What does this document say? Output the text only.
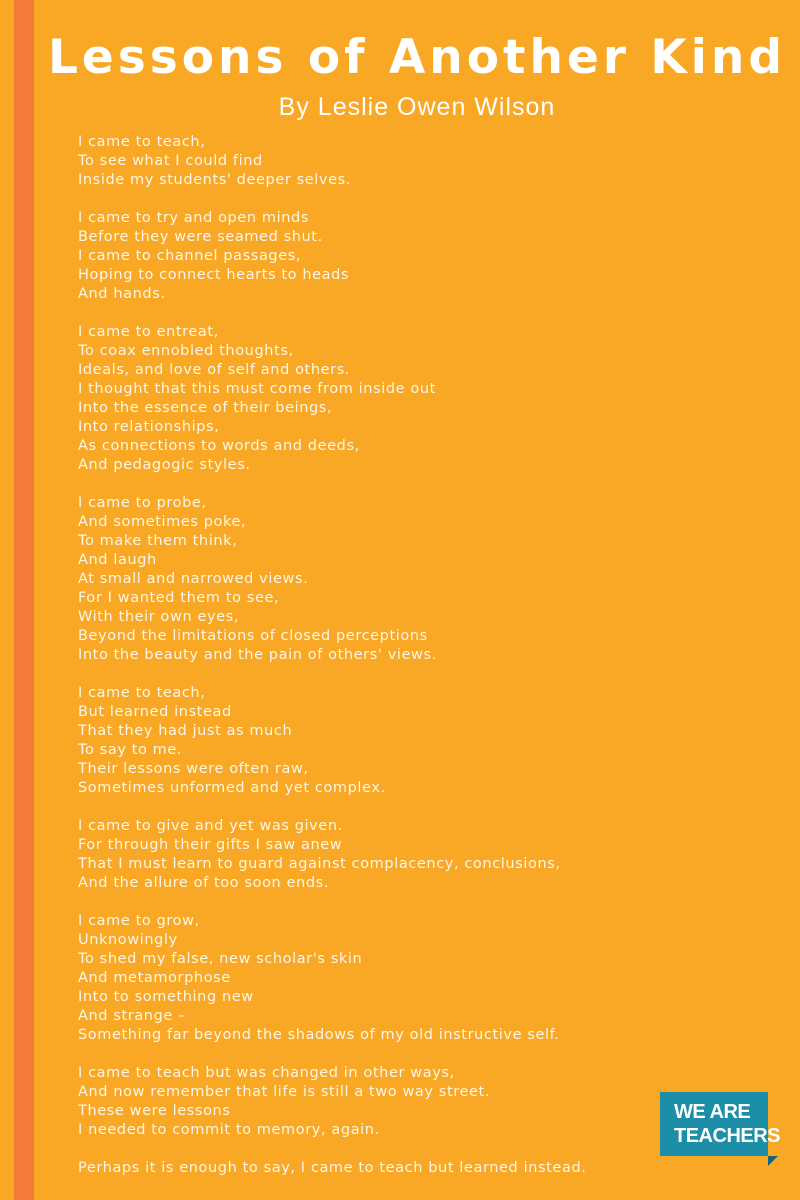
Lessons of Another Kind
By Leslie Owen Wilson
I came to teach,
To see what I could find
Inside my students' deeper selves.
I came to try and open minds
Before they were seamed shut.
I came to channel passages,
Hoping to connect hearts to heads
And hands.
I came to entreat,
To coax ennobled thoughts,
Ideals, and love of self and others.
I thought that this must come from inside out
Into the essence of their beings,
Into relationships,
As connections to words and deeds,
And pedagogic styles.
I came to probe,
And sometimes poke,
To make them think,
And laugh
At small and narrowed views.
For I wanted them to see,
With their own eyes,
Beyond the limitations of closed perceptions
Into the beauty and the pain of others' views.
I came to teach,
But learned instead
That they had just as much
To say to me.
Their lessons were often raw,
Sometimes unformed and yet complex.
I came to give and yet was given.
For through their gifts I saw anew
That I must learn to guard against complacency, conclusions,
And the allure of too soon ends.
I came to grow,
Unknowingly
To shed my false, new scholar's skin
And metamorphose
Into to something new
And strange –
Something far beyond the shadows of my old instructive self.
I came to teach but was changed in other ways,
And now remember that life is still a two way street.
These were lessons
I needed to commit to memory, again.
Perhaps it is enough to say, I came to teach but learned instead.
WE ARE
TEACHERS
